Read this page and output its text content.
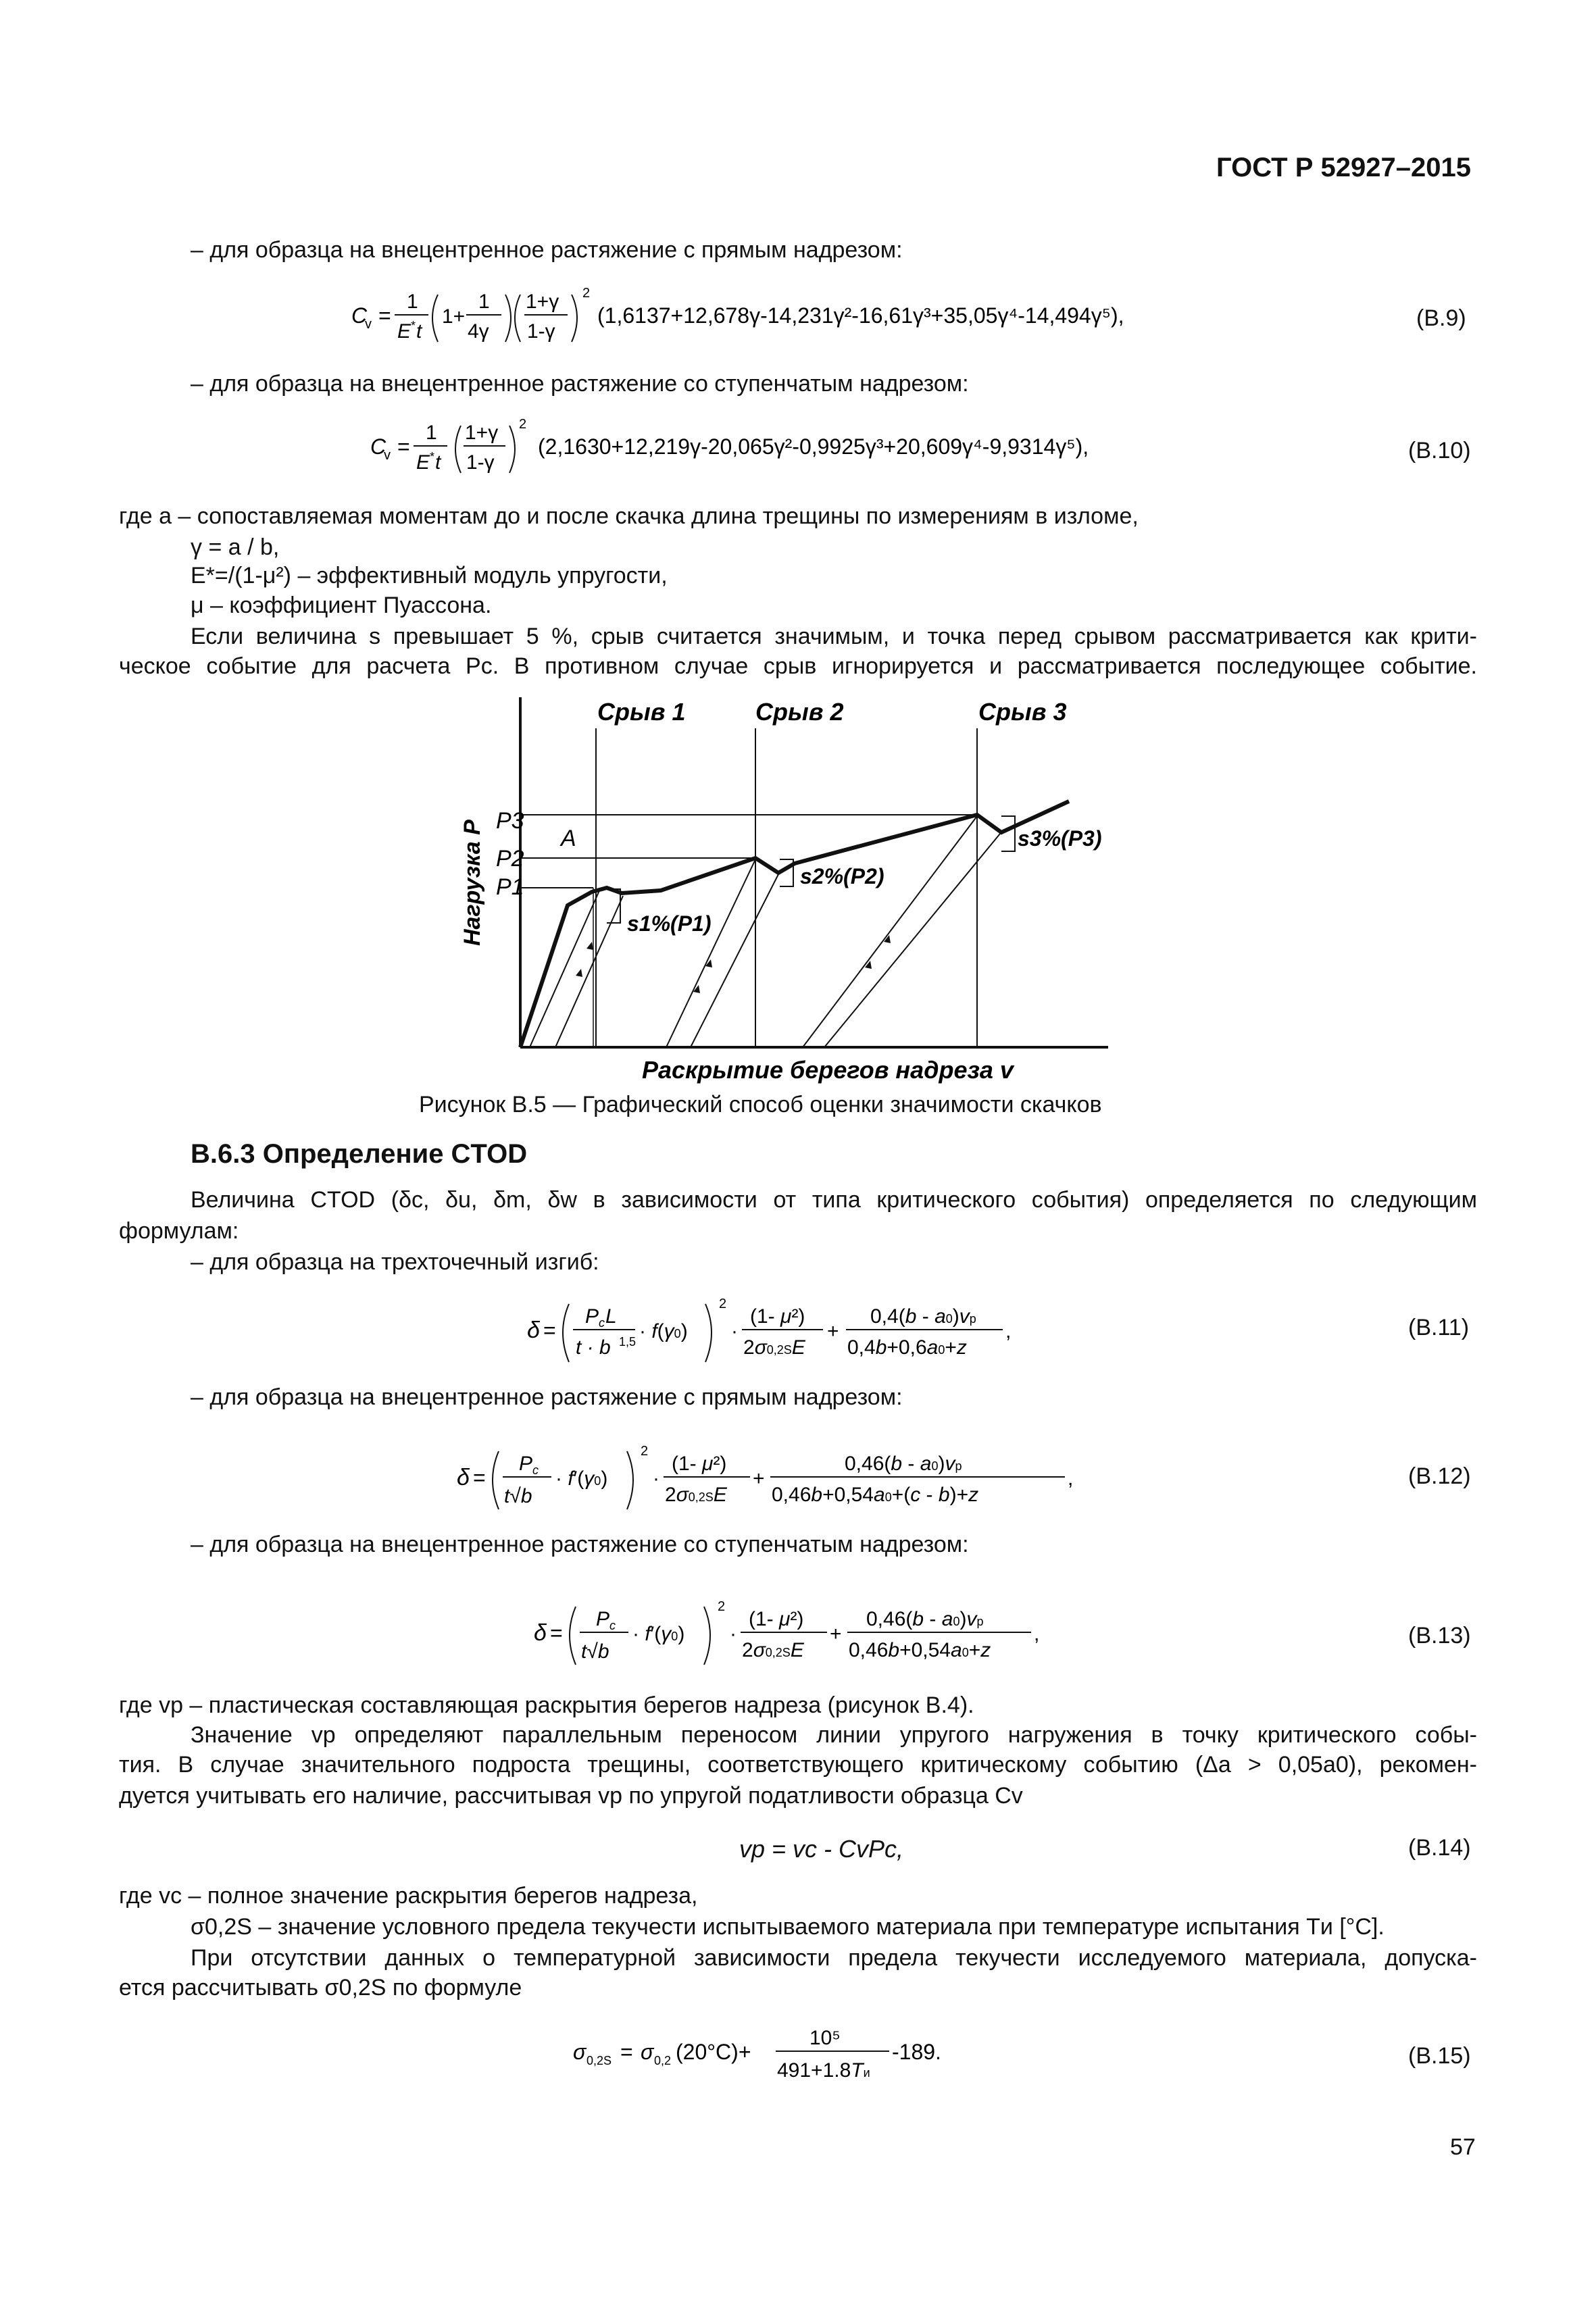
ГОСТ Р 52927–2015
– для образца на внецентренное растяжение с прямым надрезом:
C
v =
1
E * t
1+
1
4γ
1+γ
1-γ
2
(1,6137+12,678γ-14,231γ²-16,61γ³+35,05γ⁴-14,494γ⁵),	(В.9)
– для образца на внецентренное растяжение со ступенчатым надрезом:
C
v =
1
E * t
1+γ
1-γ
2
(2,1630+12,219γ-20,065γ²-0,9925γ³+20,609γ⁴-9,9314γ⁵),	(В.10)
где a – сопоставляемая моментам до и после скачка длина трещины по измерениям в изломе,
γ = a / b,
E*=/(1-μ²) – эффективный модуль упругости,
μ – коэффициент Пуассона.
Если величина s превышает 5 %, срыв считается значимым, и точка перед срывом рассматривается как крити-
ческое событие для расчета Pc. В противном случае срыв игнорируется и рассматривается последующее событие.
P3
P2
P1
A
Срыв 1	Срыв 2	Срыв 3
s1%(P1)
s2%(P2)
s3%(P3)
Нагрузка P
Раскрытие берегов надреза v
Рисунок В.5 — Графический способ оценки значимости скачков
В.6.3 Определение CTOD
Величина CTOD (δc, δu, δm, δw в зависимости от типа критического события) определяется по следующим
формулам:
– для образца на трехточечный изгиб:
δ =
P c L
t · b 1,5 · f(γ0)
2
·
(1- μ²)
2σ0,2SE
+
0,4(b - a0)vp
0,4b+0,6a0+z
,	(В.11)
– для образца на внецентренное растяжение с прямым надрезом:
δ =
P c
t√b
· f′(γ0)
2
·
(1- μ²)
2σ0,2SE
+
0,46(b - a0)vp
0,46b+0,54a0+(c - b)+z
,	(В.12)
– для образца на внецентренное растяжение со ступенчатым надрезом:
δ =
P c
t√b
· f′(γ0)
2
·
(1- μ²)
2σ0,2SE
+
0,46(b - a0)vp
0,46b+0,54a0+z
,	(В.13)
где vp – пластическая составляющая раскрытия берегов надреза (рисунок В.4).
Значение vp определяют параллельным переносом линии упругого нагружения в точку критического собы-
тия. В случае значительного подроста трещины, соответствующего критическому событию (Δa > 0,05a0), рекомен-
дуется учитывать его наличие, рассчитывая vp по упругой податливости образца Cv
vp = vc - CvPc,	(В.14)
где vc – полное значение раскрытия берегов надреза,
σ0,2S – значение условного предела текучести испытываемого материала при температуре испытания Tи [°C].
При отсутствии данных о температурной зависимости предела текучести исследуемого материала, допуска-
ется рассчитывать σ0,2S по формуле
σ 0,2S = σ 0,2 (20°C)+
10⁵
491+1.8Tи
-189.	(В.15)
57
